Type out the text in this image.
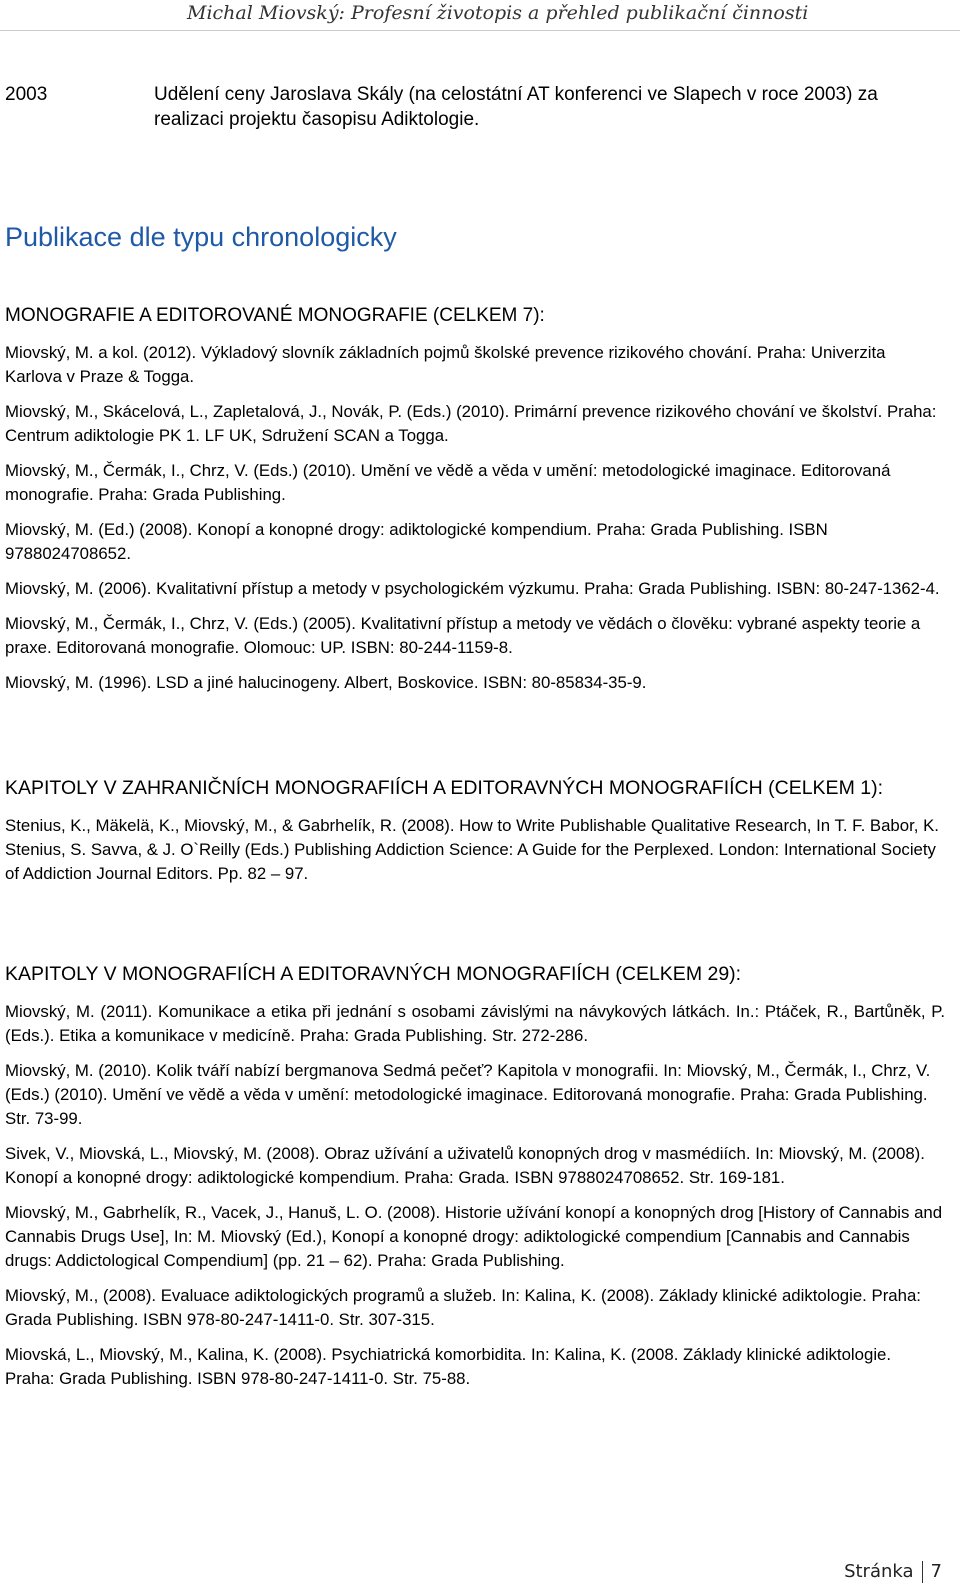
Michal Miovský: Profesní životopis a přehled publikační činnosti
2003	Udělení ceny Jaroslava Skály (na celostátní AT konferenci ve Slapech v roce 2003) za realizaci projektu časopisu Adiktologie.
Publikace dle typu chronologicky
MONOGRAFIE A EDITOROVANÉ MONOGRAFIE (CELKEM 7):
Miovský, M. a kol. (2012). Výkladový slovník základních pojmů školské prevence rizikového chování. Praha: Univerzita Karlova v Praze & Togga.
Miovský, M., Skácelová, L., Zapletalová, J., Novák, P. (Eds.) (2010). Primární prevence rizikového chování ve školství. Praha: Centrum adiktologie PK 1. LF UK, Sdružení SCAN a Togga.
Miovský, M., Čermák, I., Chrz, V. (Eds.) (2010). Umění ve vědě a věda v umění: metodologické imaginace. Editorovaná monografie. Praha: Grada Publishing.
Miovský, M. (Ed.) (2008). Konopí a konopné drogy: adiktologické kompendium. Praha: Grada Publishing. ISBN 9788024708652.
Miovský, M. (2006). Kvalitativní přístup a metody v psychologickém výzkumu. Praha: Grada Publishing. ISBN: 80-247-1362-4.
Miovský, M., Čermák, I., Chrz, V. (Eds.) (2005). Kvalitativní přístup a metody ve vědách o člověku: vybrané aspekty teorie a praxe. Editorovaná monografie. Olomouc: UP. ISBN: 80-244-1159-8.
Miovský, M. (1996). LSD a jiné halucinogeny. Albert, Boskovice. ISBN: 80-85834-35-9.
KAPITOLY V ZAHRANIČNÍCH MONOGRAFIÍCH A EDITORAVNÝCH MONOGRAFIÍCH (CELKEM 1):
Stenius, K., Mäkelä, K., Miovský, M., & Gabrhelík, R. (2008). How to Write Publishable Qualitative Research, In T. F. Babor, K. Stenius, S. Savva, & J. O`Reilly (Eds.) Publishing Addiction Science: A Guide for the Perplexed. London: International Society of Addiction Journal Editors. Pp. 82 – 97.
KAPITOLY V MONOGRAFIÍCH A EDITORAVNÝCH MONOGRAFIÍCH (CELKEM 29):
Miovský, M. (2011). Komunikace a etika při jednání s osobami závislými na návykových látkách. In.: Ptáček, R., Bartůněk, P. (Eds.). Etika a komunikace v medicíně. Praha: Grada Publishing. Str. 272-286.
Miovský, M. (2010). Kolik tváří nabízí bergmanova Sedmá pečeť? Kapitola v monografii. In: Miovský, M., Čermák, I., Chrz, V. (Eds.) (2010). Umění ve vědě a věda v umění: metodologické imaginace. Editorovaná monografie. Praha: Grada Publishing. Str. 73-99.
Sivek, V., Miovská, L., Miovský, M. (2008). Obraz užívání a uživatelů konopných drog v masmédiích. In: Miovský, M. (2008). Konopí a konopné drogy: adiktologické kompendium. Praha: Grada. ISBN 9788024708652. Str. 169-181.
Miovský, M., Gabrhelík, R., Vacek, J., Hanuš, L. O. (2008). Historie užívání konopí a konopných drog [History of Cannabis and Cannabis Drugs Use], In: M. Miovský (Ed.), Konopí a konopné drogy: adiktologické compendium [Cannabis and Cannabis drugs: Addictological Compendium] (pp. 21 – 62). Praha: Grada Publishing.
Miovský, M., (2008). Evaluace adiktologických programů a služeb. In: Kalina, K. (2008). Základy klinické adiktologie. Praha: Grada Publishing. ISBN 978-80-247-1411-0. Str. 307-315.
Miovská, L., Miovský, M., Kalina, K. (2008). Psychiatrická komorbidita. In: Kalina, K. (2008. Základy klinické adiktologie. Praha: Grada Publishing. ISBN 978-80-247-1411-0. Str. 75-88.
Stránka 7
